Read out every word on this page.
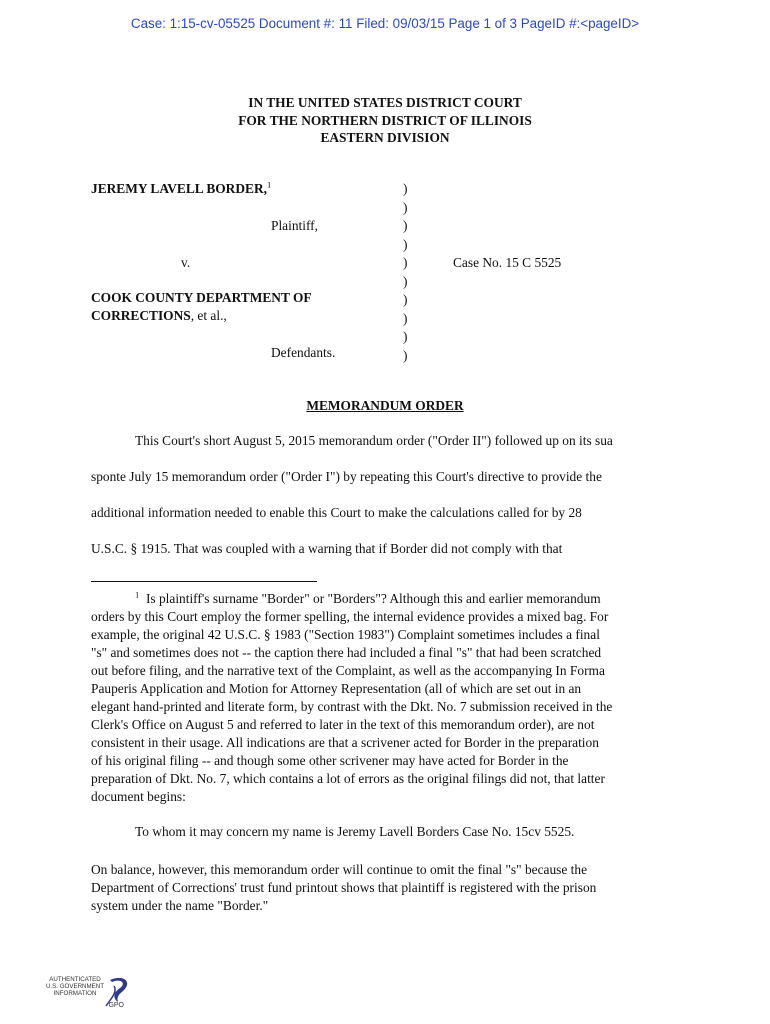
Case: 1:15-cv-05525 Document #: 11 Filed: 09/03/15 Page 1 of 3 PageID #:<pageID>
IN THE UNITED STATES DISTRICT COURT
FOR THE NORTHERN DISTRICT OF ILLINOIS
EASTERN DIVISION
JEREMY LAVELL BORDER,$^1$
Plaintiff,
v.
COOK COUNTY DEPARTMENT OF
CORRECTIONS, et al.,
Defendants.
)
)
)
)
)
)
)
)
)
)
Case No. 15 C 5525
MEMORANDUM ORDER
This Court's short August 5, 2015 memorandum order ("Order II") followed up on its sua
sponte July 15 memorandum order ("Order I") by repeating this Court's directive to provide the
additional information needed to enable this Court to make the calculations called for by 28
U.S.C. § 1915. That was coupled with a warning that if Border did not comply with that
$^1$ Is plaintiff's surname "Border" or "Borders"? Although this and earlier memorandum
orders by this Court employ the former spelling, the internal evidence provides a mixed bag. For
example, the original 42 U.S.C. § 1983 ("Section 1983") Complaint sometimes includes a final
"s" and sometimes does not -- the caption there had included a final "s" that had been scratched
out before filing, and the narrative text of the Complaint, as well as the accompanying In Forma
Pauperis Application and Motion for Attorney Representation (all of which are set out in an
elegant hand-printed and literate form, by contrast with the Dkt. No. 7 submission received in the
Clerk's Office on August 5 and referred to later in the text of this memorandum order), are not
consistent in their usage. All indications are that a scrivener acted for Border in the preparation
of his original filing -- and though some other scrivener may have acted for Border in the
preparation of Dkt. No. 7, which contains a lot of errors as the original filings did not, that latter
document begins:
To whom it may concern my name is Jeremy Lavell Borders Case No. 15cv 5525.
On balance, however, this memorandum order will continue to omit the final "s" because the
Department of Corrections' trust fund printout shows that plaintiff is registered with the prison
system under the name "Border."
AUTHENTICATED
U.S. GOVERNMENT
INFORMATION
GPO
